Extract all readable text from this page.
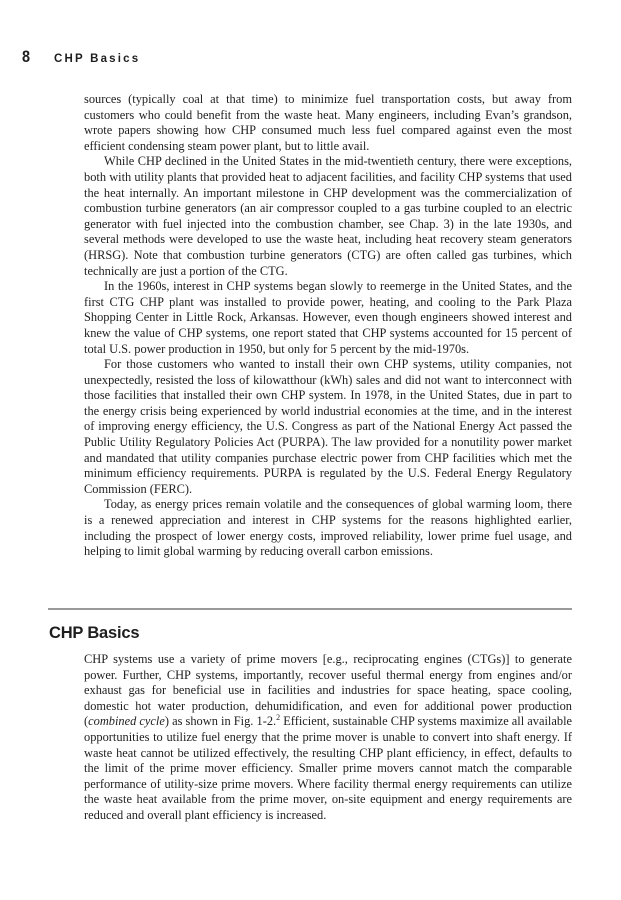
8	CHP Basics

sources (typically coal at that time) to minimize fuel transportation costs, but away from customers who could benefit from the waste heat. Many engineers, including Evan’s grandson, wrote papers showing how CHP consumed much less fuel compared against even the most efficient condensing steam power plant, but to little avail.

While CHP declined in the United States in the mid-twentieth century, there were exceptions, both with utility plants that provided heat to adjacent facilities, and facility CHP systems that used the heat internally. An important milestone in CHP development was the commercialization of combustion turbine generators (an air compressor coupled to a gas turbine coupled to an electric generator with fuel injected into the combustion chamber, see Chap. 3) in the late 1930s, and several methods were developed to use the waste heat, including heat recovery steam generators (HRSG). Note that combustion turbine generators (CTG) are often called gas turbines, which technically are just a portion of the CTG.

In the 1960s, interest in CHP systems began slowly to reemerge in the United States, and the first CTG CHP plant was installed to provide power, heating, and cooling to the Park Plaza Shopping Center in Little Rock, Arkansas. However, even though engineers showed interest and knew the value of CHP systems, one report stated that CHP systems accounted for 15 percent of total U.S. power production in 1950, but only for 5 percent by the mid-1970s.

For those customers who wanted to install their own CHP systems, utility companies, not unexpectedly, resisted the loss of kilowatthour (kWh) sales and did not want to interconnect with those facilities that installed their own CHP system. In 1978, in the United States, due in part to the energy crisis being experienced by world industrial economies at the time, and in the interest of improving energy efficiency, the U.S. Congress as part of the National Energy Act passed the Public Utility Regulatory Policies Act (PURPA). The law provided for a nonutility power market and mandated that utility companies purchase electric power from CHP facilities which met the minimum efficiency requirements. PURPA is regulated by the U.S. Federal Energy Regulatory Commission (FERC).

Today, as energy prices remain volatile and the consequences of global warming loom, there is a renewed appreciation and interest in CHP systems for the reasons highlighted earlier, including the prospect of lower energy costs, improved reliability, lower prime fuel usage, and helping to limit global warming by reducing overall carbon emissions.

CHP Basics

CHP systems use a variety of prime movers [e.g., reciprocating engines (CTGs)] to generate power. Further, CHP systems, importantly, recover useful thermal energy from engines and/or exhaust gas for beneficial use in facilities and industries for space heating, space cooling, domestic hot water production, dehumidification, and even for additional power production (combined cycle) as shown in Fig. 1-2.$^2$ Efficient, sustainable CHP systems maximize all available opportunities to utilize fuel energy that the prime mover is unable to convert into shaft energy. If waste heat cannot be utilized effectively, the resulting CHP plant efficiency, in effect, defaults to the limit of the prime mover efficiency. Smaller prime movers cannot match the comparable performance of utility-size prime movers. Where facility thermal energy requirements can utilize the waste heat available from the prime mover, on-site equipment and energy requirements are reduced and overall plant efficiency is increased.
